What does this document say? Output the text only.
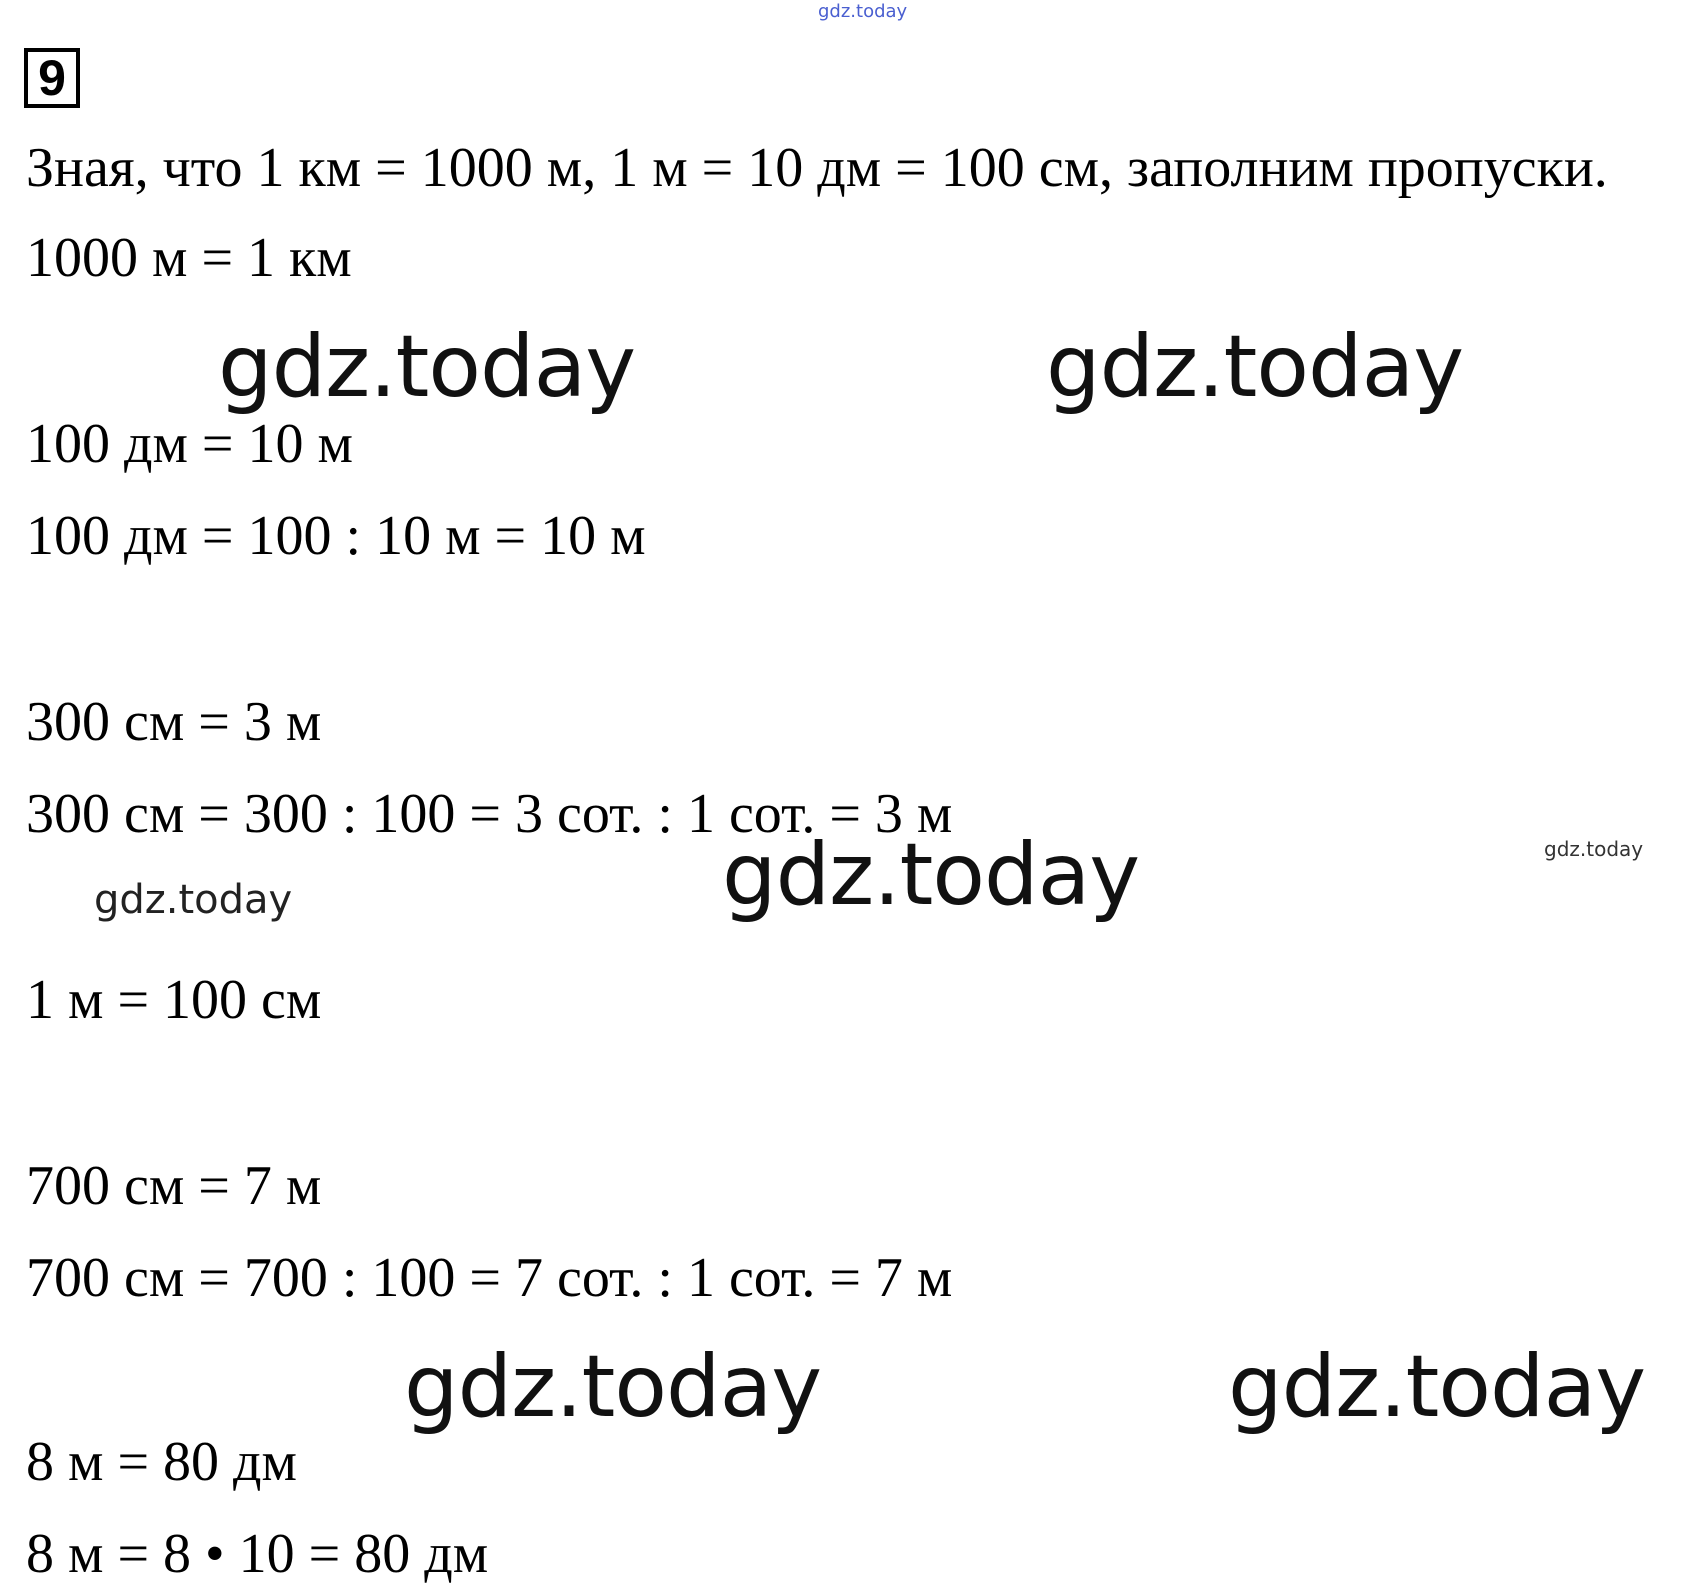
gdz.today
9
Зная, что 1 км = 1000 м, 1 м = 10 дм = 100 см, заполним пропуски.
1000 м = 1 км
gdz.today	gdz.today
100 дм = 10 м
100 дм = 100 : 10 м = 10 м
300 см = 3 м
300 см = 300 : 100 = 3 сот. : 1 сот. = 3 м
gdz.today
gdz.today	gdz.today
1 м = 100 см
700 см = 7 м
700 см = 700 : 100 = 7 сот. : 1 сот. = 7 м
gdz.today	gdz.today
8 м = 80 дм
8 м = 8 • 10 = 80 дм
